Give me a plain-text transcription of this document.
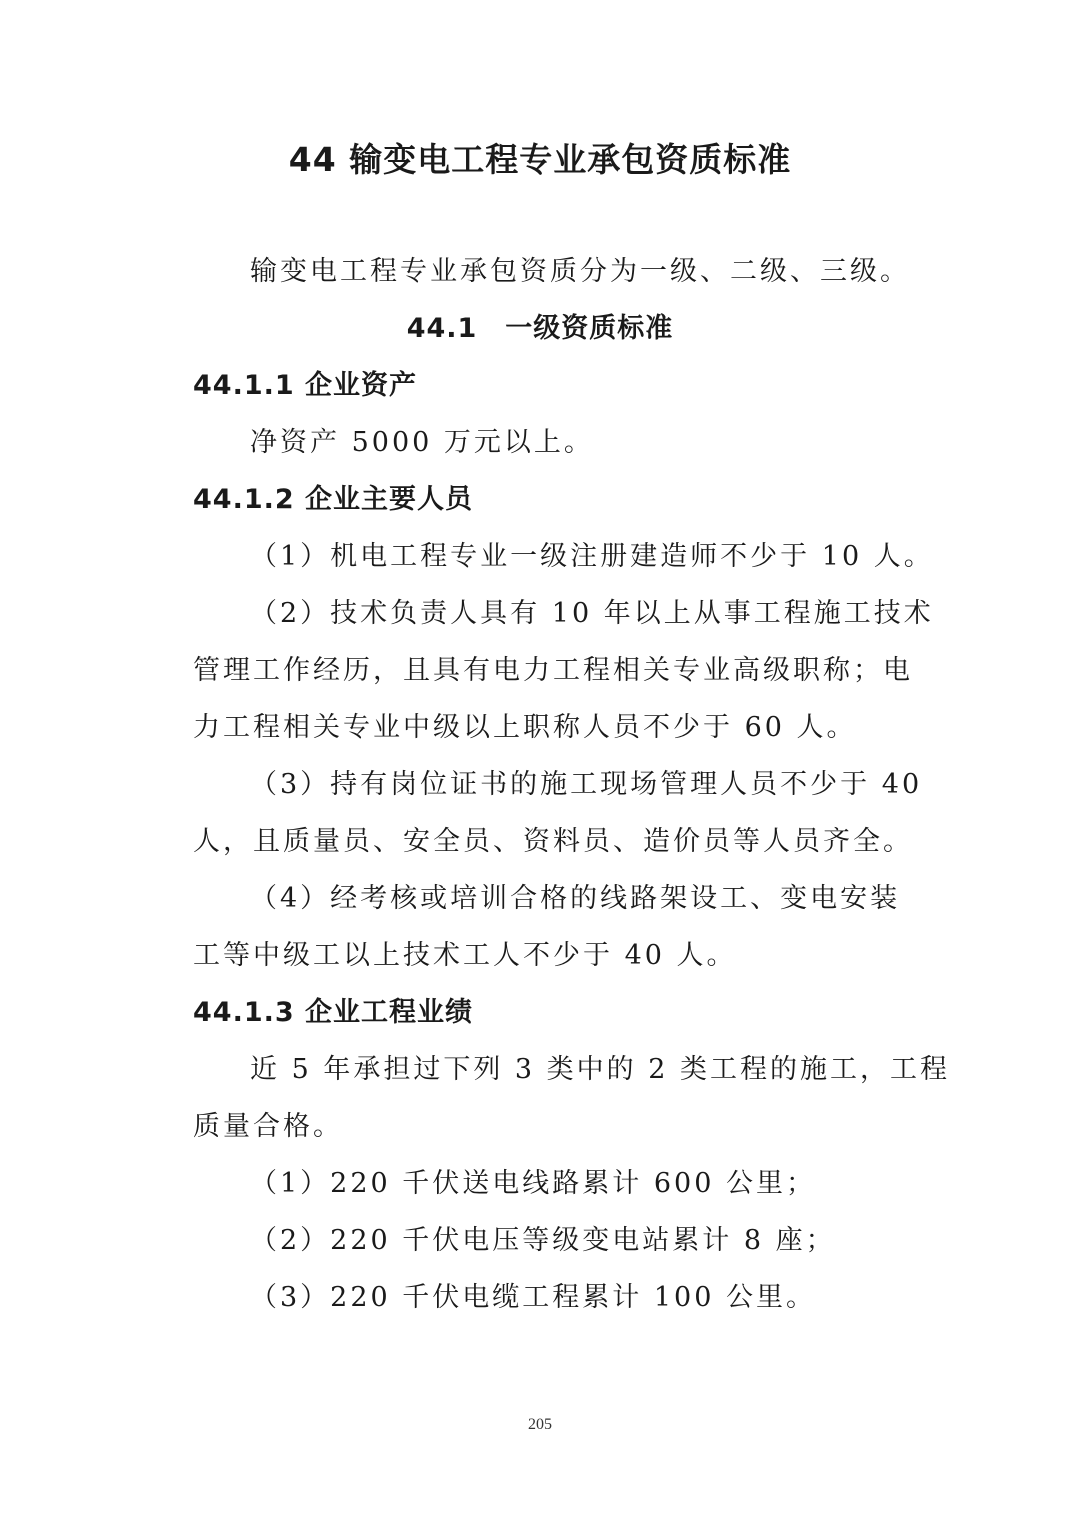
44 输变电工程专业承包资质标准

输变电工程专业承包资质分为一级、二级、三级。

44.1　一级资质标准
44.1.1 企业资产

净资产 5000 万元以上。

44.1.2 企业主要人员

（1）机电工程专业一级注册建造师不少于 10 人。

（2）技术负责人具有 10 年以上从事工程施工技术

管理工作经历，且具有电力工程相关专业高级职称；电

力工程相关专业中级以上职称人员不少于 60 人。

（3）持有岗位证书的施工现场管理人员不少于 40

人，且质量员、安全员、资料员、造价员等人员齐全。

（4）经考核或培训合格的线路架设工、变电安装

工等中级工以上技术工人不少于 40 人。

44.1.3 企业工程业绩

近 5 年承担过下列 3 类中的 2 类工程的施工，工程

质量合格。

（1）220 千伏送电线路累计 600 公里；

（2）220 千伏电压等级变电站累计 8 座；

（3）220 千伏电缆工程累计 100 公里。

205
